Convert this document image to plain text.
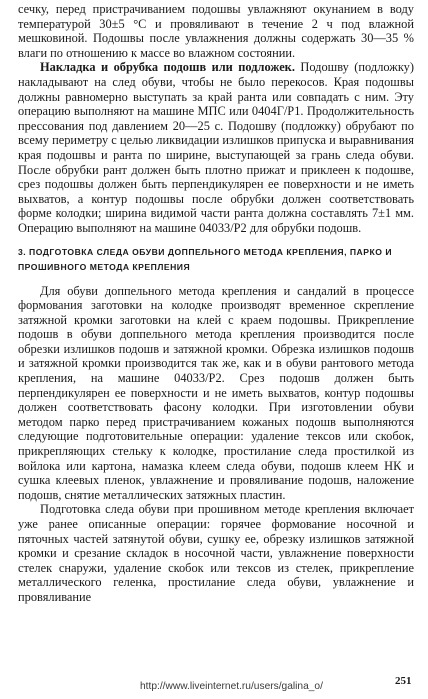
сечку, перед пристрачиванием подошвы увлажняют окунанием в воду температурой 30±5 °C и провяливают в течение 2 ч под влажной мешковиной. Подошвы после увлажнения должны содержать 30—35 % влаги по отношению к массе во влажном состоянии.

Накладка и обрубка подошв или подложек. Подошву (подложку) накладывают на след обуви, чтобы не было перекосов. Края подошвы должны равномерно выступать за край ранта или совпадать с ним. Эту операцию выполняют на машине МПС или 0404Г/Р1. Продолжительность прессования под давлением 20—25 с. Подошву (подложку) обрубают по всему периметру с целью ликвидации излишков припуска и выравнивания края подошвы и ранта по ширине, выступающей за грань следа обуви. После обрубки рант должен быть плотно прижат и приклеен к подошве, срез подошвы должен быть перпендикулярен ее поверхности и не иметь выхватов, а контур подошвы после обрубки должен соответствовать форме колодки; ширина видимой части ранта должна составлять 7±1 мм. Операцию выполняют на машине 04033/Р2 для обрубки подошв.

3. ПОДГОТОВКА СЛЕДА ОБУВИ ДОППЕЛЬНОГО МЕТОДА КРЕПЛЕНИЯ, ПАРКО И ПРОШИВНОГО МЕТОДА КРЕПЛЕНИЯ

Для обуви доппельного метода крепления и сандалий в процессе формования заготовки на колодке производят временное скрепление затяжной кромки заготовки на клей с краем подошвы. Прикрепление подошв в обуви доппельного метода крепления производится после обрезки излишков подошв и затяжной кромки. Обрезка излишков подошв и затяжной кромки производится так же, как и в обуви рантового метода крепления, на машине 04033/Р2. Срез подошв должен быть перпендикулярен ее поверхности и не иметь выхватов, контур подошвы должен соответствовать фасону колодки. При изготовлении обуви методом парко перед пристрачиванием кожаных подошв выполняются следующие подготовительные операции: удаление тексов или скобок, прикрепляющих стельку к колодке, простилание следа простилкой из войлока или картона, намазка клеем следа обуви, подошв клеем НК и сушка клеевых пленок, увлажнение и провяливание подошв, наложение подошв, снятие металлических затяжных пластин.

Подготовка следа обуви при прошивном методе крепления включает уже ранее описанные операции: горячее формование носочной и пяточных частей затянутой обуви, сушку ее, обрезку излишков затяжной кромки и срезание складок в носочной части, увлажнение поверхности стелек снаружи, удаление скобок или тексов из стелек, прикрепление металлического геленка, простилание следа обуви, увлажнение и провяливание

http://www.liveinternet.ru/users/galina_o/	251
